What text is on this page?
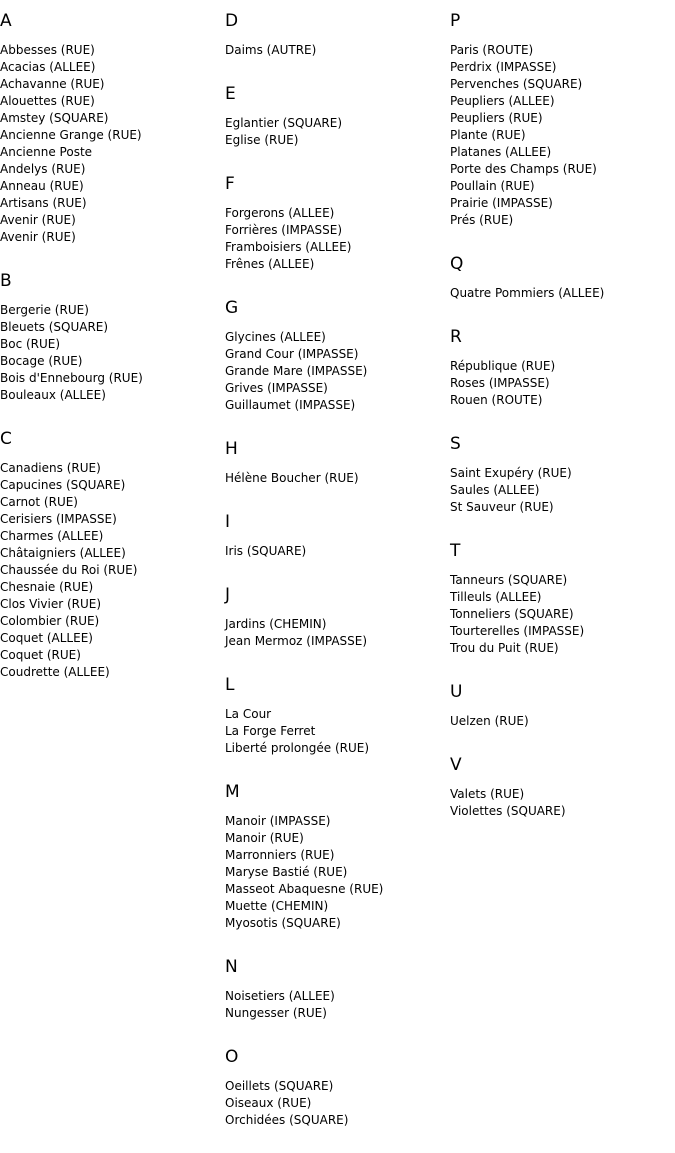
A
Abbesses (RUE)
Acacias (ALLEE)
Achavanne (RUE)
Alouettes (RUE)
Amstey (SQUARE)
Ancienne Grange (RUE)
Ancienne Poste
Andelys (RUE)
Anneau (RUE)
Artisans (RUE)
Avenir (RUE)
Avenir (RUE)
B
Bergerie (RUE)
Bleuets (SQUARE)
Boc (RUE)
Bocage (RUE)
Bois d'Ennebourg (RUE)
Bouleaux (ALLEE)
C
Canadiens (RUE)
Capucines (SQUARE)
Carnot (RUE)
Cerisiers (IMPASSE)
Charmes (ALLEE)
Châtaigniers (ALLEE)
Chaussée du Roi (RUE)
Chesnaie (RUE)
Clos Vivier (RUE)
Colombier (RUE)
Coquet (ALLEE)
Coquet (RUE)
Coudrette (ALLEE)
D
Daims (AUTRE)
E
Eglantier (SQUARE)
Eglise (RUE)
F
Forgerons (ALLEE)
Forrières (IMPASSE)
Framboisiers (ALLEE)
Frênes (ALLEE)
G
Glycines (ALLEE)
Grand Cour (IMPASSE)
Grande Mare (IMPASSE)
Grives (IMPASSE)
Guillaumet (IMPASSE)
H
Hélène Boucher (RUE)
I
Iris (SQUARE)
J
Jardins (CHEMIN)
Jean Mermoz (IMPASSE)
L
La Cour
La Forge Ferret
Liberté prolongée (RUE)
M
Manoir (IMPASSE)
Manoir (RUE)
Marronniers (RUE)
Maryse Bastié (RUE)
Masseot Abaquesne (RUE)
Muette (CHEMIN)
Myosotis (SQUARE)
N
Noisetiers (ALLEE)
Nungesser (RUE)
O
Oeillets (SQUARE)
Oiseaux (RUE)
Orchidées (SQUARE)
P
Paris (ROUTE)
Perdrix (IMPASSE)
Pervenches (SQUARE)
Peupliers (ALLEE)
Peupliers (RUE)
Plante (RUE)
Platanes (ALLEE)
Porte des Champs (RUE)
Poullain (RUE)
Prairie (IMPASSE)
Prés (RUE)
Q
Quatre Pommiers (ALLEE)
R
République (RUE)
Roses (IMPASSE)
Rouen (ROUTE)
S
Saint Exupéry (RUE)
Saules (ALLEE)
St Sauveur (RUE)
T
Tanneurs (SQUARE)
Tilleuls (ALLEE)
Tonneliers (SQUARE)
Tourterelles (IMPASSE)
Trou du Puit (RUE)
U
Uelzen (RUE)
V
Valets (RUE)
Violettes (SQUARE)
